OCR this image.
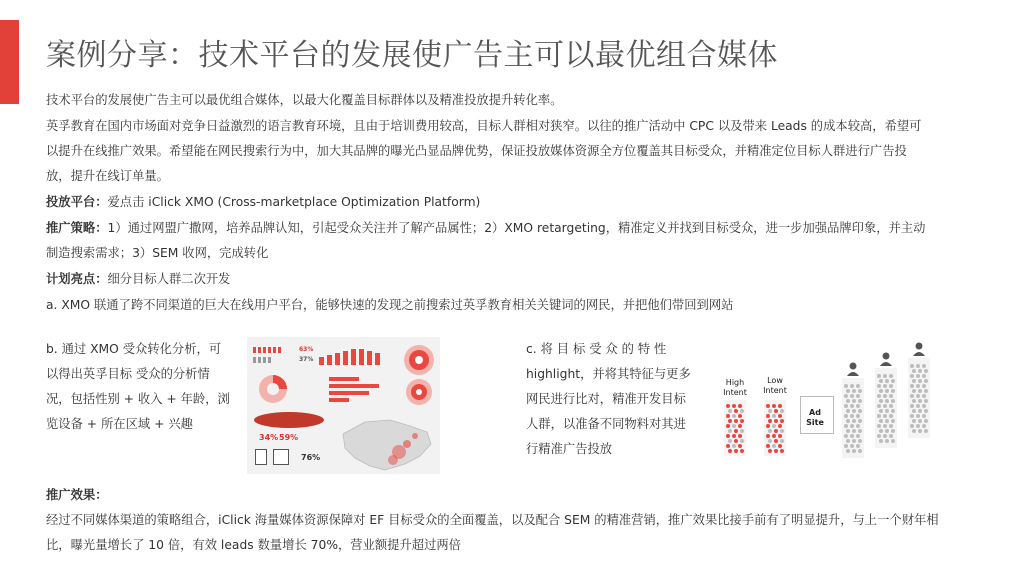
案例分享：技术平台的发展使广告主可以最优组合媒体
技术平台的发展使广告主可以最优组合媒体，以最大化覆盖目标群体以及精准投放提升转化率。
英孚教育在国内市场面对竞争日益激烈的语言教育环境，且由于培训费用较高，目标人群相对狭窄。以往的推广活动中 CPC 以及带来 Leads 的成本较高，希望可
以提升在线推广效果。希望能在网民搜索行为中，加大其品牌的曝光凸显品牌优势，保证投放媒体资源全方位覆盖其目标受众，并精准定位目标人群进行广告投
放，提升在线订单量。
投放平台：爱点击 iClick XMO (Cross-marketplace Optimization Platform)
推广策略：1）通过网盟广撒网，培养品牌认知，引起受众关注并了解产品属性；2）XMO retargeting，精准定义并找到目标受众，进一步加强品牌印象，并主动
制造搜索需求；3）SEM 收网，完成转化
计划亮点：细分目标人群二次开发
a. XMO 联通了跨不同渠道的巨大在线用户平台，能够快速的发现之前搜索过英孚教育相关关键词的网民，并把他们带回到网站
b. 通过 XMO 受众转化分析，可
以得出英孚目标 受众的分析情
况，包括性别 + 收入 + 年龄，浏
览设备 + 所在区域 + 兴趣
63%
37%
34% 59%
76%
c. 将 目 标 受 众 的 特 性
highlight，并将其特征与更多
网民进行比对，精准开发目标
人群，以准备不同物料对其进
行精准广告投放
High Intent
Low Intent
Ad Site
推广效果：
经过不同媒体渠道的策略组合，iClick 海量媒体资源保障对 EF 目标受众的全面覆盖，以及配合 SEM 的精准营销，推广效果比接手前有了明显提升，与上一个财年相
比，曝光量增长了 10 倍，有效 leads 数量增长 70%，营业额提升超过两倍
